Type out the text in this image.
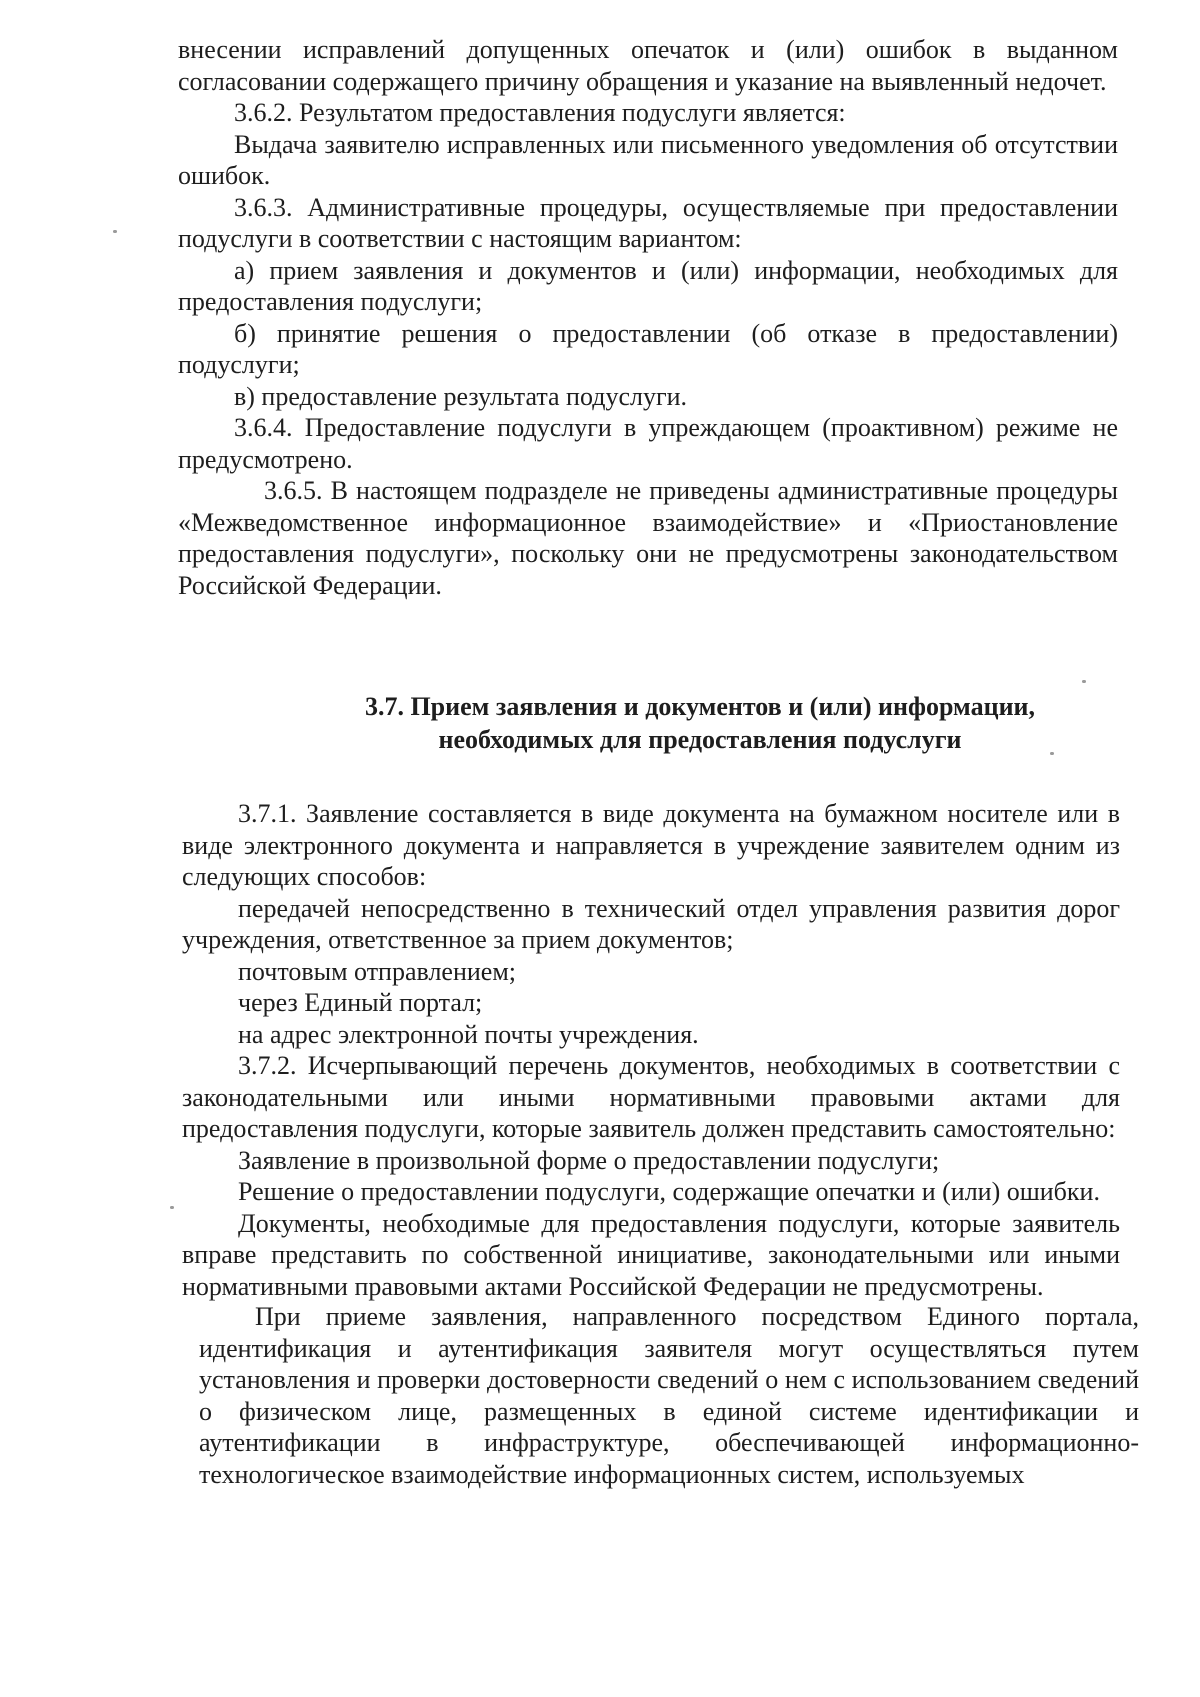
внесении исправлений допущенных опечаток и (или) ошибок в выданном согласовании содержащего причину обращения и указание на выявленный недочет.

3.6.2. Результатом предоставления подуслуги является:

Выдача заявителю исправленных или письменного уведомления об отсутствии ошибок.

3.6.3. Административные процедуры, осуществляемые при предоставлении подуслуги в соответствии с настоящим вариантом:

а) прием заявления и документов и (или) информации, необходимых для предоставления подуслуги;

б) принятие решения о предоставлении (об отказе в предоставлении) подуслуги;

в) предоставление результата подуслуги.

3.6.4. Предоставление подуслуги в упреждающем (проактивном) режиме не предусмотрено.

3.6.5. В настоящем подразделе не приведены административные процедуры «Межведомственное информационное взаимодействие» и «Приостановление предоставления подуслуги», поскольку они не предусмотрены законодательством Российской Федерации.

3.7. Прием заявления и документов и (или) информации,
необходимых для предоставления подуслуги

3.7.1. Заявление составляется в виде документа на бумажном носителе или в виде электронного документа и направляется в учреждение заявителем одним из следующих способов:

передачей непосредственно в технический отдел управления развития дорог учреждения, ответственное за прием документов;

почтовым отправлением;

через Единый портал;

на адрес электронной почты учреждения.

3.7.2. Исчерпывающий перечень документов, необходимых в соответствии с законодательными или иными нормативными правовыми актами для предоставления подуслуги, которые заявитель должен представить самостоятельно:

Заявление в произвольной форме о предоставлении подуслуги;

Решение о предоставлении подуслуги, содержащие опечатки и (или) ошибки.

Документы, необходимые для предоставления подуслуги, которые заявитель вправе представить по собственной инициативе, законодательными или иными нормативными правовыми актами Российской Федерации не предусмотрены.

При приеме заявления, направленного посредством Единого портала, идентификация и аутентификация заявителя могут осуществляться путем установления и проверки достоверности сведений о нем с использованием сведений о физическом лице, размещенных в единой системе идентификации и аутентификации в инфраструктуре, обеспечивающей информационно-технологическое взаимодействие информационных систем, используемых
